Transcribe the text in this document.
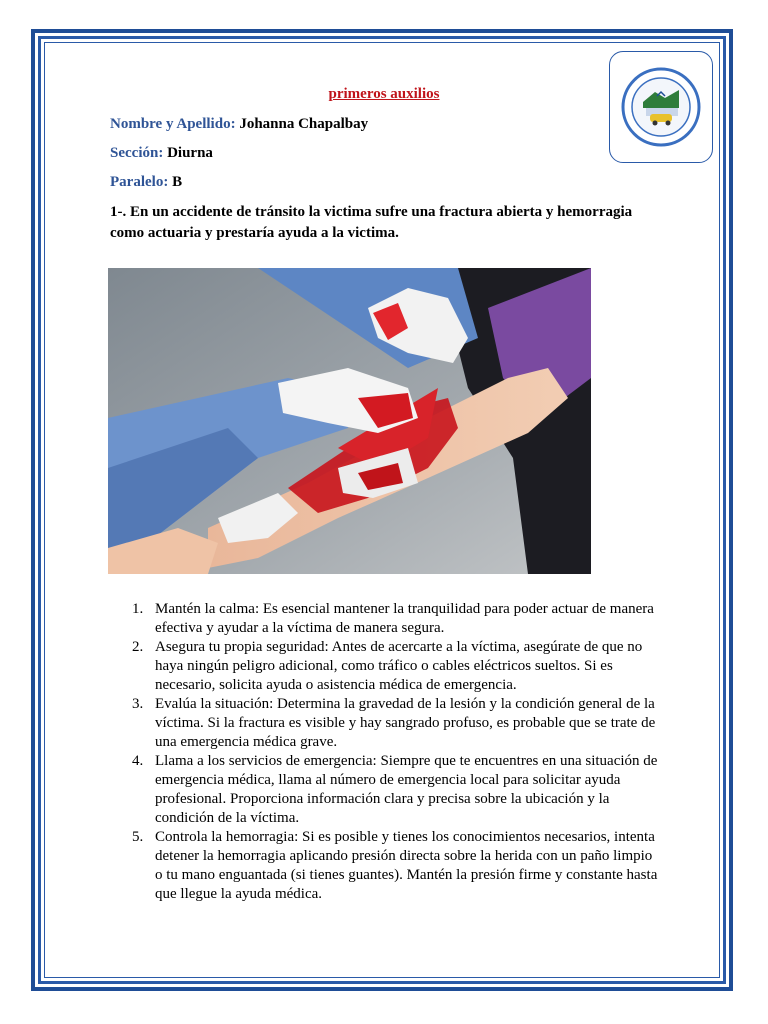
primeros auxilios
Nombre y Apellido: Johanna Chapalbay
Sección: Diurna
Paralelo: B
1-. En un accidente de tránsito la victima sufre una fractura abierta y hemorragia como actuaria y prestaría ayuda a la victima.
1. Mantén la calma: Es esencial mantener la tranquilidad para poder actuar de manera efectiva y ayudar a la víctima de manera segura.
2. Asegura tu propia seguridad: Antes de acercarte a la víctima, asegúrate de que no haya ningún peligro adicional, como tráfico o cables eléctricos sueltos. Si es necesario, solicita ayuda o asistencia médica de emergencia.
3. Evalúa la situación: Determina la gravedad de la lesión y la condición general de la víctima. Si la fractura es visible y hay sangrado profuso, es probable que se trate de una emergencia médica grave.
4. Llama a los servicios de emergencia: Siempre que te encuentres en una situación de emergencia médica, llama al número de emergencia local para solicitar ayuda profesional. Proporciona información clara y precisa sobre la ubicación y la condición de la víctima.
5. Controla la hemorragia: Si es posible y tienes los conocimientos necesarios, intenta detener la hemorragia aplicando presión directa sobre la herida con un paño limpio o tu mano enguantada (si tienes guantes). Mantén la presión firme y constante hasta que llegue la ayuda médica.
